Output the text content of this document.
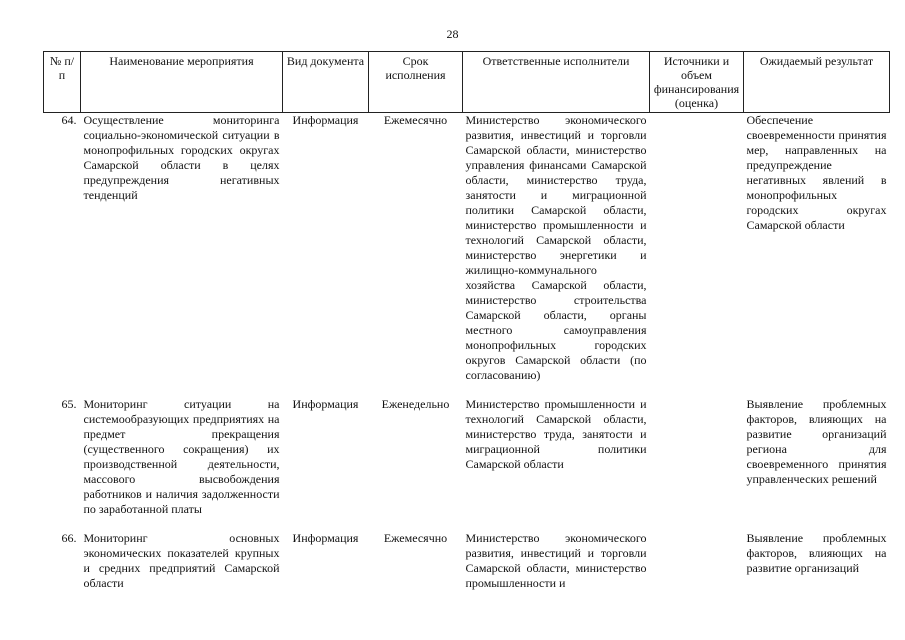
28
№ п/п	Наименование мероприятия	Вид документа	Срок исполнения	Ответственные исполнители	Источники и объем финансирования (оценка)	Ожидаемый результат
64.	Осуществление мониторинга социально-экономической ситуации в монопрофильных городских округах Самарской области в целях предупреждения негативных тенденций	Информация	Ежемесячно	Министерство экономического развития, инвестиций и торговли Самарской области, министерство управления финансами Самарской области, министерство труда, занятости и миграционной политики Самарской области, министерство промышленности и технологий Самарской области, министерство энергетики и жилищно-коммунального хозяйства Самарской области, министерство строительства Самарской области, органы местного самоуправления монопрофильных городских округов Самарской области (по согласованию)		Обеспечение своевременности принятия мер, направленных на предупреждение негативных явлений в монопрофильных городских округах Самарской области
65.	Мониторинг ситуации на системообразующих предприятиях на предмет прекращения (существенного сокращения) их производственной деятельности, массового высвобождения работников и наличия задолженности по заработанной платы	Информация	Еженедельно	Министерство промышленности и технологий Самарской области, министерство труда, занятости и миграционной политики Самарской области		Выявление проблемных факторов, влияющих на развитие организаций региона для своевременного принятия управленческих решений
66.	Мониторинг основных экономических показателей крупных и средних предприятий Самарской области	Информация	Ежемесячно	Министерство экономического развития, инвестиций и торговли Самарской области, министерство промышленности и		Выявление проблемных факторов, влияющих на развитие организаций
